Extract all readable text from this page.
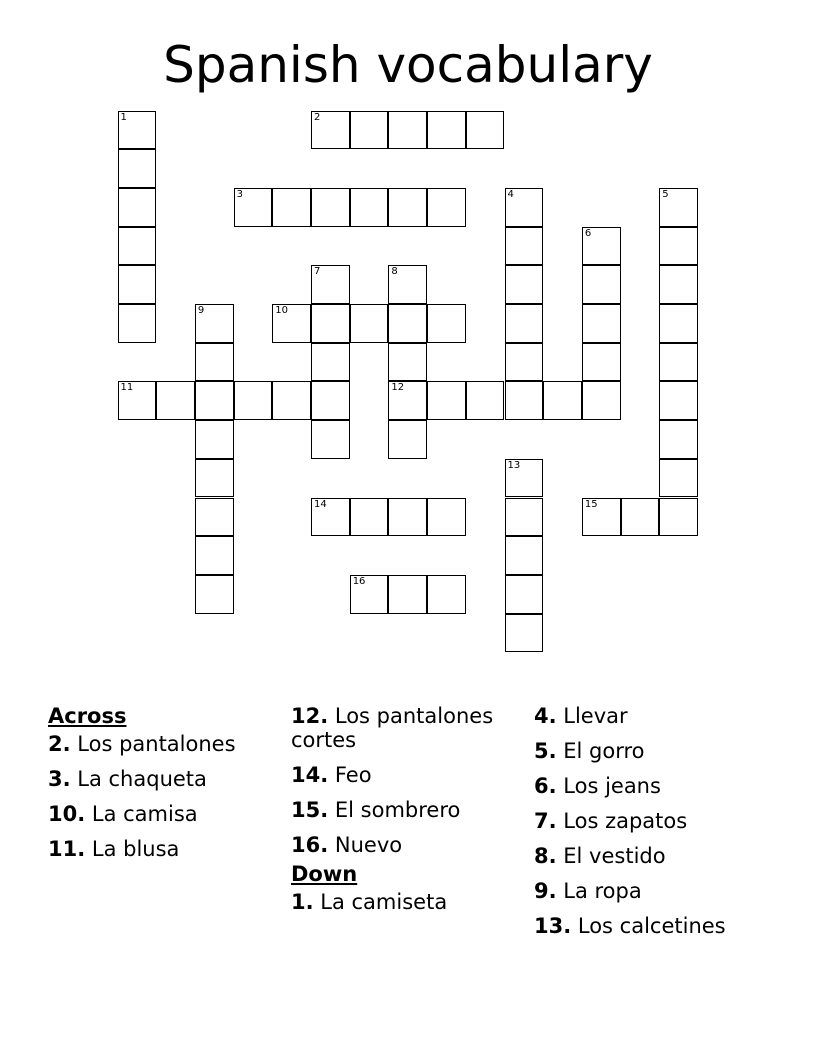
Spanish vocabulary
1	2
3	4	5
6
7	8
12
9	10
11
13
14	15
16
Across
2. Los pantalones
3. La chaqueta
10. La camisa
11. La blusa
12. Los pantalones cortes
14. Feo
15. El sombrero
16. Nuevo
Down
1. La camiseta
4. Llevar
5. El gorro
6. Los jeans
7. Los zapatos
8. El vestido
9. La ropa
13. Los calcetines
